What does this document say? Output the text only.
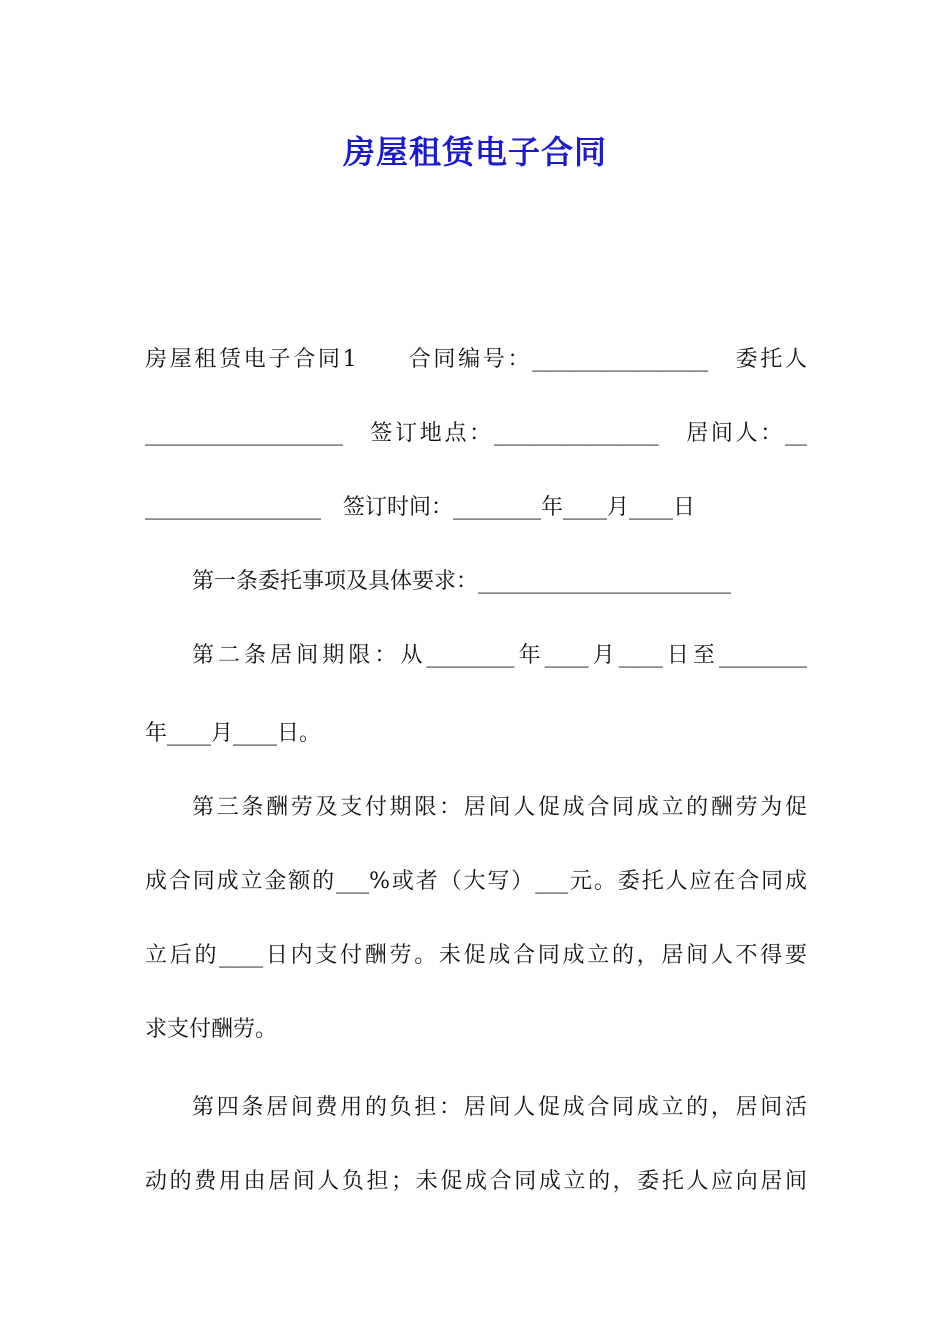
房屋租赁电子合同
房屋租赁电子合同1　　合同编号：________________　委托人
__________________　签订地点：_______________　居间人：__
________________　签订时间：________年____月____日
第一条委托事项及具体要求：_______________________
第二条居间期限：从________年____月____日至________
年____月____日。
第三条酬劳及支付期限：居间人促成合同成立的酬劳为促
成合同成立金额的___%或者（大写）___元。委托人应在合同成
立后的____日内支付酬劳。未促成合同成立的，居间人不得要
求支付酬劳。
第四条居间费用的负担：居间人促成合同成立的，居间活
动的费用由居间人负担；未促成合同成立的，委托人应向居间
